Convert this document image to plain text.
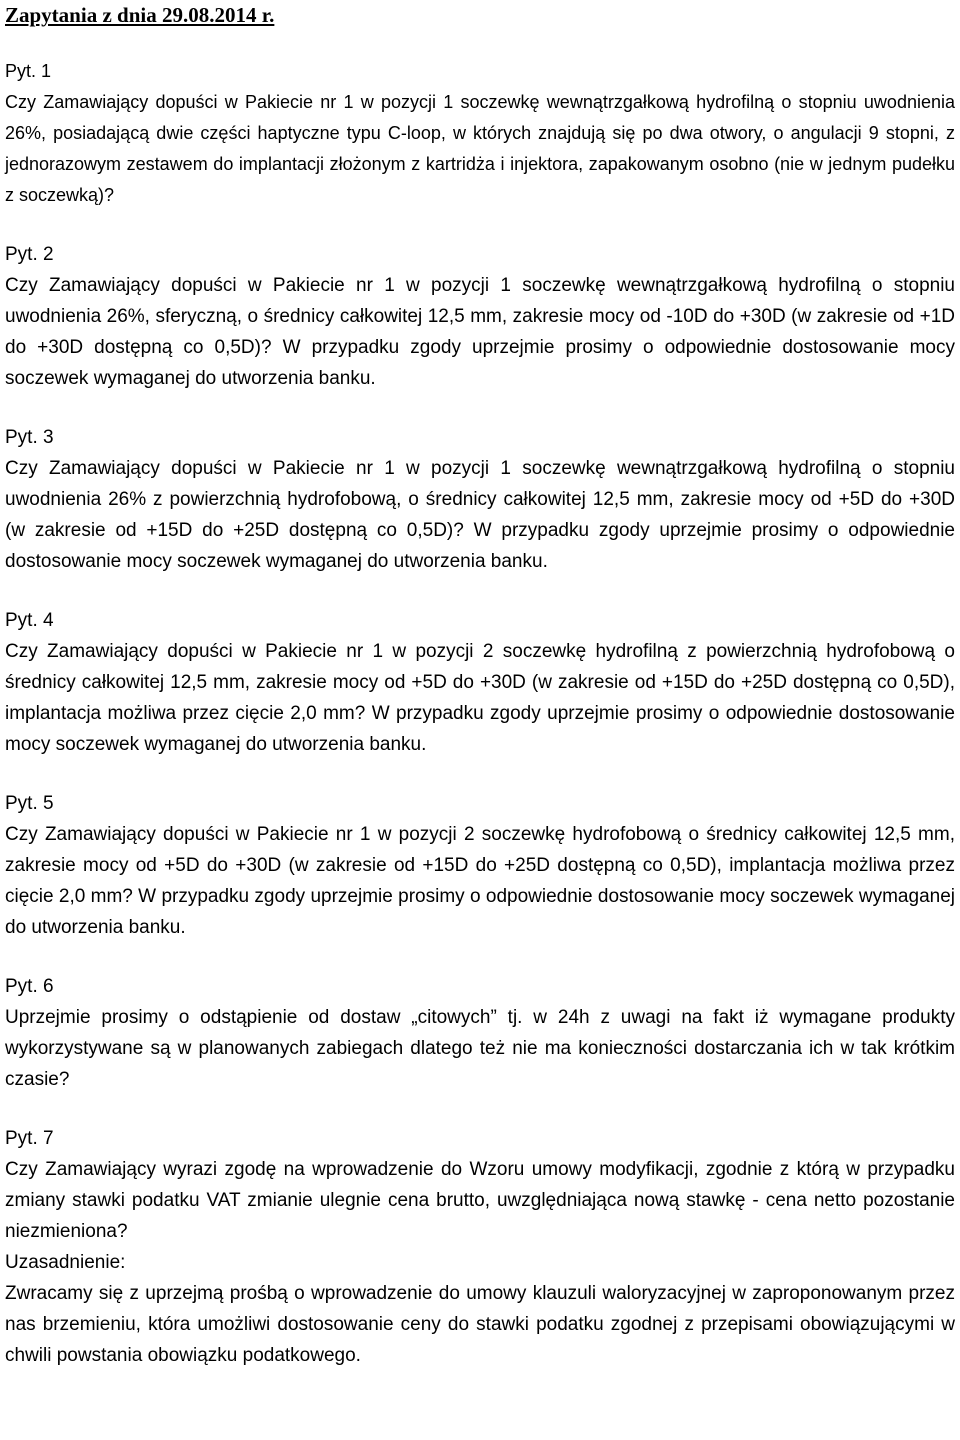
Zapytania z dnia 29.08.2014 r.
Pyt. 1
Czy Zamawiający dopuści w Pakiecie nr 1 w pozycji 1 soczewkę wewnątrzgałkową hydrofilną o stopniu uwodnienia 26%, posiadającą dwie części haptyczne typu C-loop, w których znajdują się po dwa otwory, o angulacji 9 stopni, z jednorazowym zestawem do implantacji złożonym z kartridża i injektora, zapakowanym osobno (nie w jednym pudełku z soczewką)?
Pyt. 2
Czy Zamawiający dopuści w Pakiecie nr 1 w pozycji 1 soczewkę wewnątrzgałkową hydrofilną o stopniu uwodnienia 26%, sferyczną, o średnicy całkowitej 12,5 mm, zakresie mocy od -10D do +30D (w zakresie od +1D do +30D dostępną co 0,5D)? W przypadku zgody uprzejmie prosimy o odpowiednie dostosowanie mocy soczewek wymaganej do utworzenia banku.
Pyt. 3
Czy Zamawiający dopuści w Pakiecie nr 1 w pozycji 1 soczewkę wewnątrzgałkową hydrofilną o stopniu uwodnienia 26% z powierzchnią hydrofobową, o średnicy całkowitej 12,5 mm, zakresie mocy od +5D do +30D (w zakresie od +15D do +25D dostępną co 0,5D)? W przypadku zgody uprzejmie prosimy o odpowiednie dostosowanie mocy soczewek wymaganej do utworzenia banku.
Pyt. 4
Czy Zamawiający dopuści w Pakiecie nr 1 w pozycji 2 soczewkę hydrofilną z powierzchnią hydrofobową o średnicy całkowitej 12,5 mm, zakresie mocy od +5D do +30D (w zakresie od +15D do +25D dostępną co 0,5D), implantacja możliwa przez cięcie 2,0 mm? W przypadku zgody uprzejmie prosimy o odpowiednie dostosowanie mocy soczewek wymaganej do utworzenia banku.
Pyt. 5
Czy Zamawiający dopuści w Pakiecie nr 1 w pozycji 2 soczewkę hydrofobową o średnicy całkowitej 12,5 mm, zakresie mocy od +5D do +30D (w zakresie od +15D do +25D dostępną co 0,5D), implantacja możliwa przez cięcie 2,0 mm? W przypadku zgody uprzejmie prosimy o odpowiednie dostosowanie mocy soczewek wymaganej do utworzenia banku.
Pyt. 6
Uprzejmie prosimy o odstąpienie od dostaw „citowych” tj. w 24h z uwagi na fakt iż wymagane produkty wykorzystywane są w planowanych zabiegach dlatego też nie ma konieczności dostarczania ich w tak krótkim czasie?
Pyt. 7
Czy Zamawiający wyrazi zgodę na wprowadzenie do Wzoru umowy modyfikacji, zgodnie z którą w przypadku zmiany stawki podatku VAT zmianie ulegnie cena brutto, uwzględniająca nową stawkę - cena netto pozostanie niezmieniona?
Uzasadnienie:
Zwracamy się z uprzejmą prośbą o wprowadzenie do umowy klauzuli waloryzacyjnej w zaproponowanym przez nas brzemieniu, która umożliwi dostosowanie ceny do stawki podatku zgodnej z przepisami obowiązującymi w chwili powstania obowiązku podatkowego.
